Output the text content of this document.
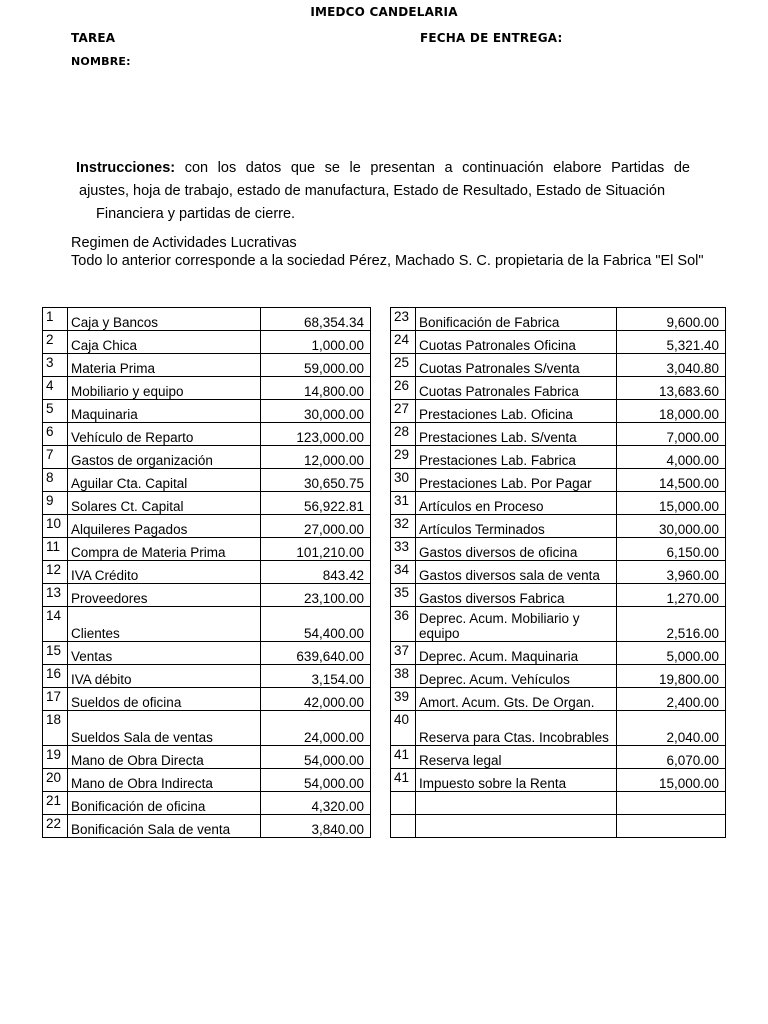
IMEDCO CANDELARIA
TAREA	FECHA DE ENTREGA:
NOMBRE:
Instrucciones: con los datos que se le presentan a continuación elabore Partidas de
ajustes, hoja de trabajo, estado de manufactura, Estado de Resultado, Estado de Situación
Financiera y partidas de cierre.
Regimen de Actividades Lucrativas
Todo lo anterior corresponde a la sociedad Pérez, Machado S. C. propietaria de la Fabrica "El Sol"
1	Caja y Bancos	68,354.34
2	Caja Chica	1,000.00
3	Materia Prima	59,000.00
4	Mobiliario y equipo	14,800.00
5	Maquinaria	30,000.00
6	Vehículo de Reparto	123,000.00
7	Gastos de organización	12,000.00
8	Aguilar Cta. Capital	30,650.75
9	Solares Ct. Capital	56,922.81
10	Alquileres Pagados	27,000.00
11	Compra de Materia Prima	101,210.00
12	IVA Crédito	843.42
13	Proveedores	23,100.00
14	Clientes	54,400.00
15	Ventas	639,640.00
16	IVA débito	3,154.00
17	Sueldos de oficina	42,000.00
18	Sueldos Sala de ventas	24,000.00
19	Mano de Obra Directa	54,000.00
20	Mano de Obra Indirecta	54,000.00
21	Bonificación de oficina	4,320.00
22	Bonificación Sala de venta	3,840.00
23	Bonificación de Fabrica	9,600.00
24	Cuotas Patronales Oficina	5,321.40
25	Cuotas Patronales S/venta	3,040.80
26	Cuotas Patronales Fabrica	13,683.60
27	Prestaciones Lab. Oficina	18,000.00
28	Prestaciones Lab. S/venta	7,000.00
29	Prestaciones Lab. Fabrica	4,000.00
30	Prestaciones Lab. Por Pagar	14,500.00
31	Artículos en Proceso	15,000.00
32	Artículos Terminados	30,000.00
33	Gastos diversos de oficina	6,150.00
34	Gastos diversos sala de venta	3,960.00
35	Gastos diversos Fabrica	1,270.00
36	Deprec. Acum. Mobiliario y equipo	2,516.00
37	Deprec. Acum. Maquinaria	5,000.00
38	Deprec. Acum. Vehículos	19,800.00
39	Amort. Acum. Gts. De Organ.	2,400.00
40	Reserva para Ctas. Incobrables	2,040.00
41	Reserva legal	6,070.00
41	Impuesto sobre la Renta	15,000.00
